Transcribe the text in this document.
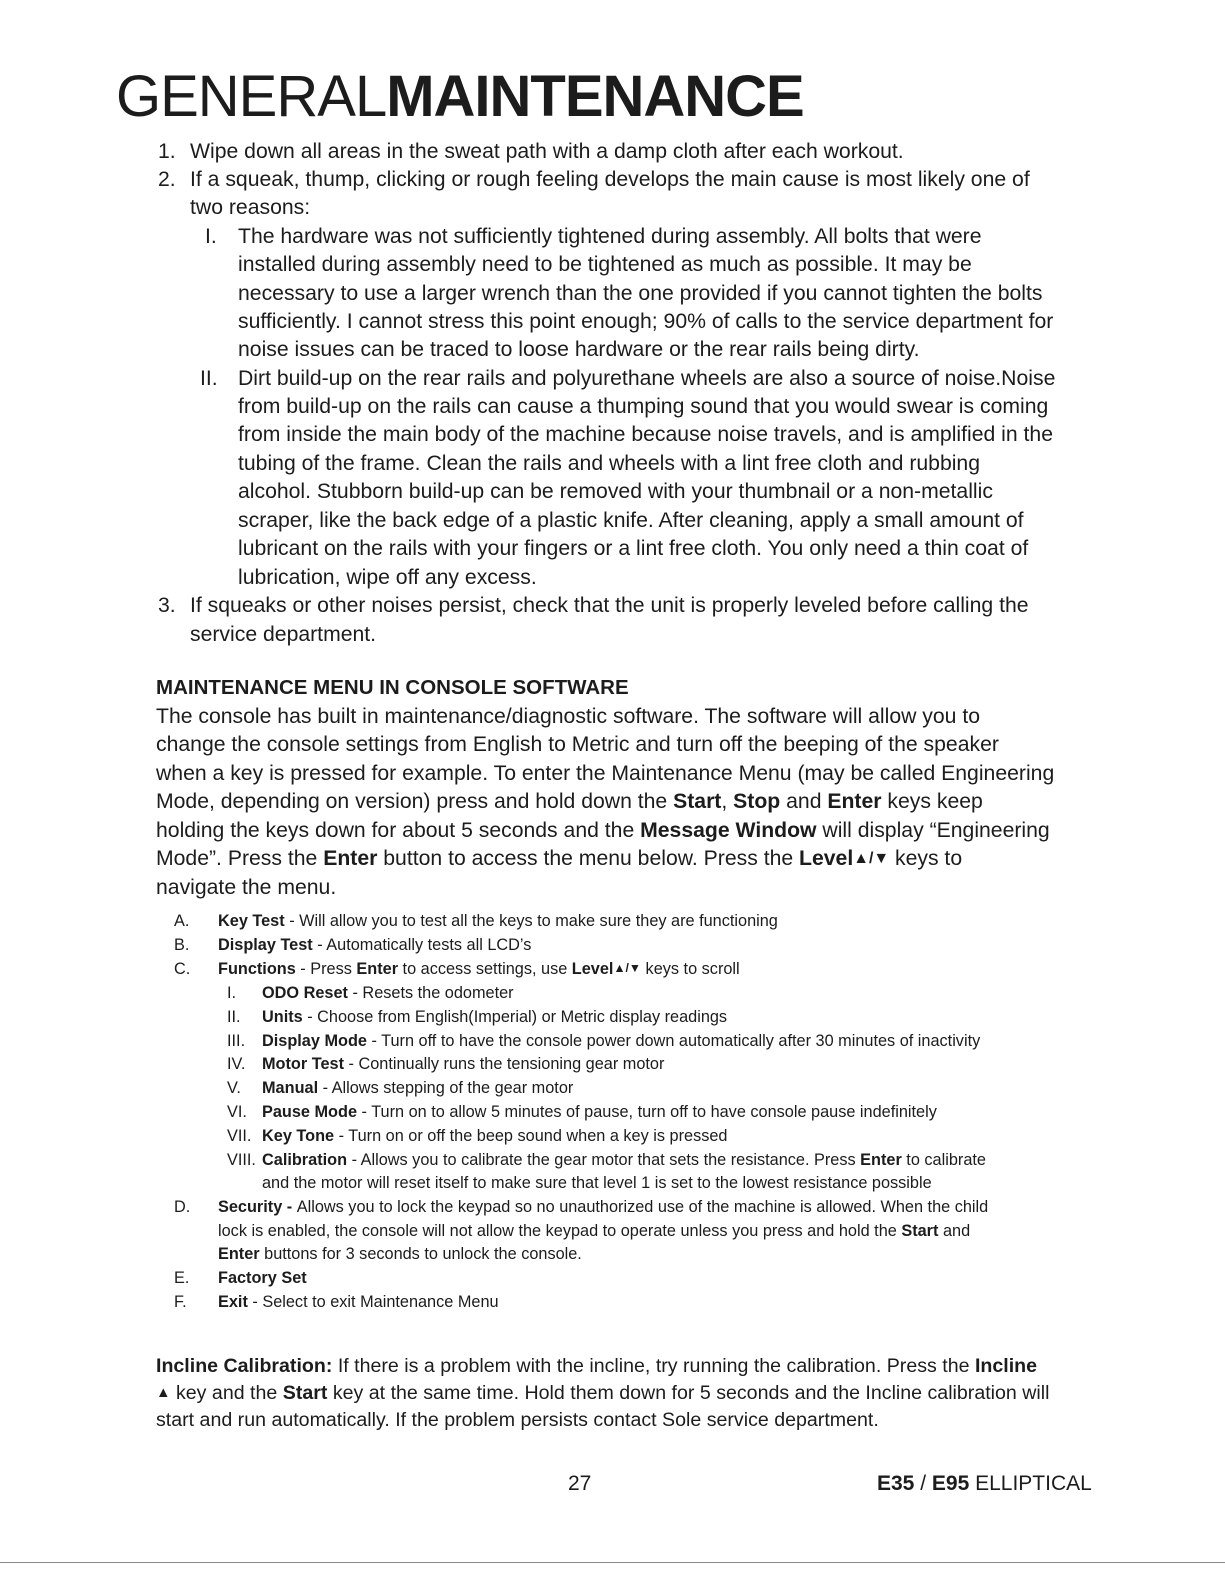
GENERALMAINTENANCE
1. Wipe down all areas in the sweat path with a damp cloth after each workout.
2. If a squeak, thump, clicking or rough feeling develops the main cause is most likely one of
two reasons:
I. The hardware was not sufficiently tightened during assembly. All bolts that were
installed during assembly need to be tightened as much as possible. It may be
necessary to use a larger wrench than the one provided if you cannot tighten the bolts
sufficiently. I cannot stress this point enough; 90% of calls to the service department for
noise issues can be traced to loose hardware or the rear rails being dirty.
II. Dirt build-up on the rear rails and polyurethane wheels are also a source of noise.Noise
from build-up on the rails can cause a thumping sound that you would swear is coming
from inside the main body of the machine because noise travels, and is amplified in the
tubing of the frame. Clean the rails and wheels with a lint free cloth and rubbing
alcohol. Stubborn build-up can be removed with your thumbnail or a non-metallic
scraper, like the back edge of a plastic knife. After cleaning, apply a small amount of
lubricant on the rails with your fingers or a lint free cloth. You only need a thin coat of
lubrication, wipe off any excess.
3. If squeaks or other noises persist, check that the unit is properly leveled before calling the
service department.
MAINTENANCE MENU IN CONSOLE SOFTWARE
The console has built in maintenance/diagnostic software. The software will allow you to
change the console settings from English to Metric and turn off the beeping of the speaker
when a key is pressed for example. To enter the Maintenance Menu (may be called Engineering
Mode, depending on version) press and hold down the Start, Stop and Enter keys keep
holding the keys down for about 5 seconds and the Message Window will display “Engineering
Mode”. Press the Enter button to access the menu below. Press the Level▲/▼ keys to
navigate the menu.
A. Key Test - Will allow you to test all the keys to make sure they are functioning
B. Display Test - Automatically tests all LCD’s
C. Functions - Press Enter to access settings, use Level▲/▼ keys to scroll
I. ODO Reset - Resets the odometer
II. Units - Choose from English(Imperial) or Metric display readings
III. Display Mode - Turn off to have the console power down automatically after 30 minutes of inactivity
IV. Motor Test - Continually runs the tensioning gear motor
V. Manual - Allows stepping of the gear motor
VI. Pause Mode - Turn on to allow 5 minutes of pause, turn off to have console pause indefinitely
VII. Key Tone - Turn on or off the beep sound when a key is pressed
VIII. Calibration - Allows you to calibrate the gear motor that sets the resistance. Press Enter to calibrate
and the motor will reset itself to make sure that level 1 is set to the lowest resistance possible
D. Security - Allows you to lock the keypad so no unauthorized use of the machine is allowed. When the child
lock is enabled, the console will not allow the keypad to operate unless you press and hold the Start and
Enter buttons for 3 seconds to unlock the console.
E. Factory Set
F. Exit - Select to exit Maintenance Menu
Incline Calibration: If there is a problem with the incline, try running the calibration. Press the Incline
▲ key and the Start key at the same time. Hold them down for 5 seconds and the Incline calibration will
start and run automatically. If the problem persists contact Sole service department.
27	E35 / E95 ELLIPTICAL
